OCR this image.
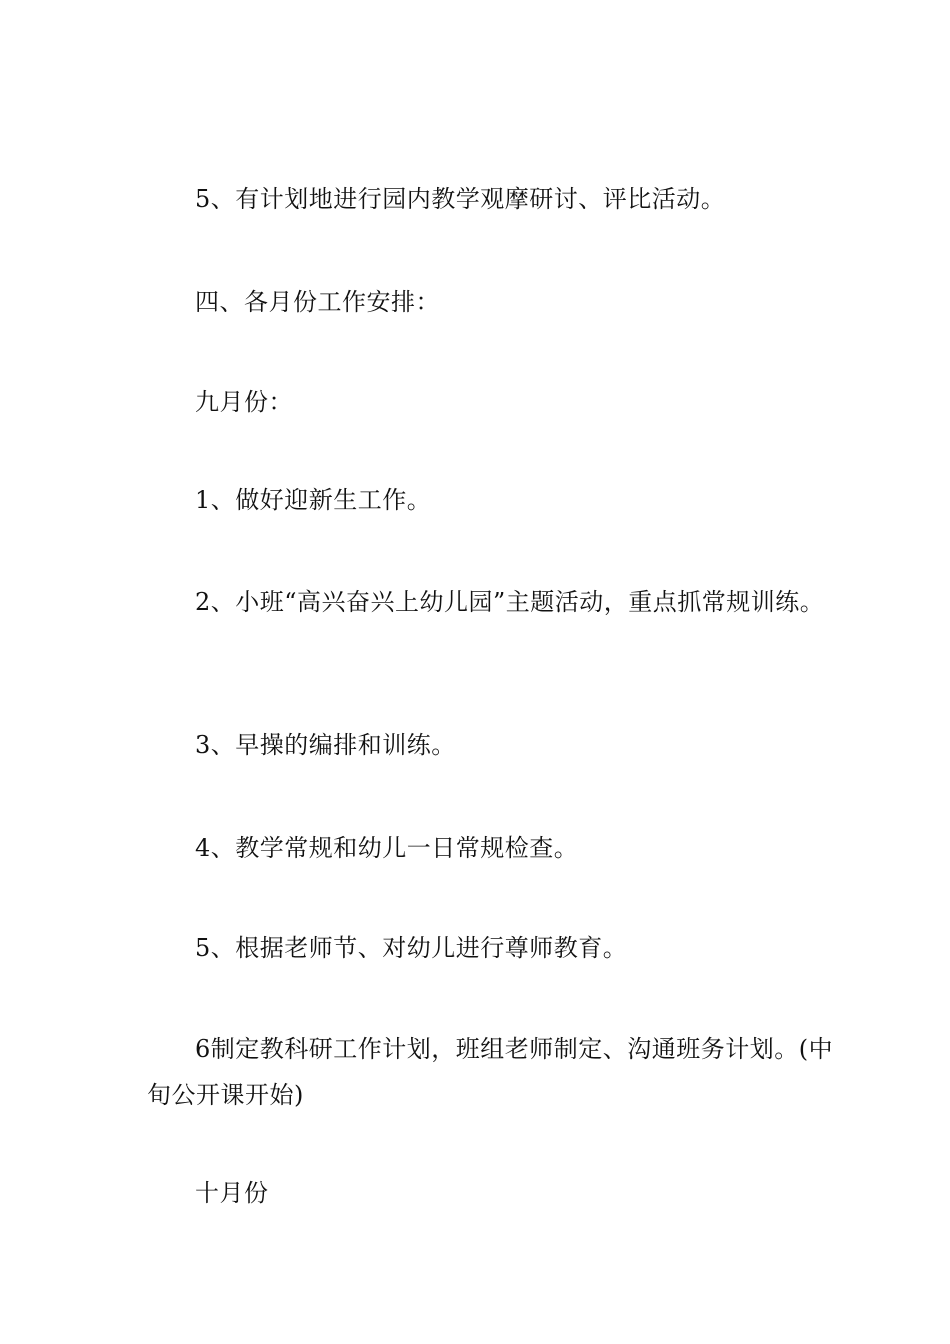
5、有计划地进行园内教学观摩研讨、评比活动。

四、各月份工作安排：

九月份：

1、做好迎新生工作。

2、小班“高兴奋兴上幼儿园”主题活动，重点抓常规训练。

3、早操的编排和训练。

4、教学常规和幼儿一日常规检查。

5、根据老师节、对幼儿进行尊师教育。

6制定教科研工作计划，班组老师制定、沟通班务计划。(中旬公开课开始)

十月份
